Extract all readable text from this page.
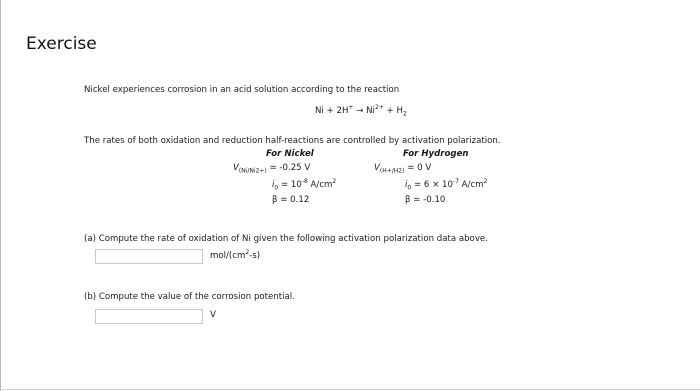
Exercise
Nickel experiences corrosion in an acid solution according to the reaction
$Ni + 2H^+ \to Ni^{2+} + H_2$
The rates of both oxidation and reduction half-reactions are controlled by activation polarization.
For Nickel
$V_{(Ni/Ni2+)} = -0.25$ V
$i_0 = 10^{-8}$ $A/cm^2$
β = 0.12
For Hydrogen
$V_{(H+/H2)} = 0$ V
$i_0 = 6 \times 10^{-7}$ $A/cm^2$
β = -0.10
(a) Compute the rate of oxidation of Ni given the following activation polarization data above.
mol/$(cm^2-s)$
(b) Compute the value of the corrosion potential.
V
